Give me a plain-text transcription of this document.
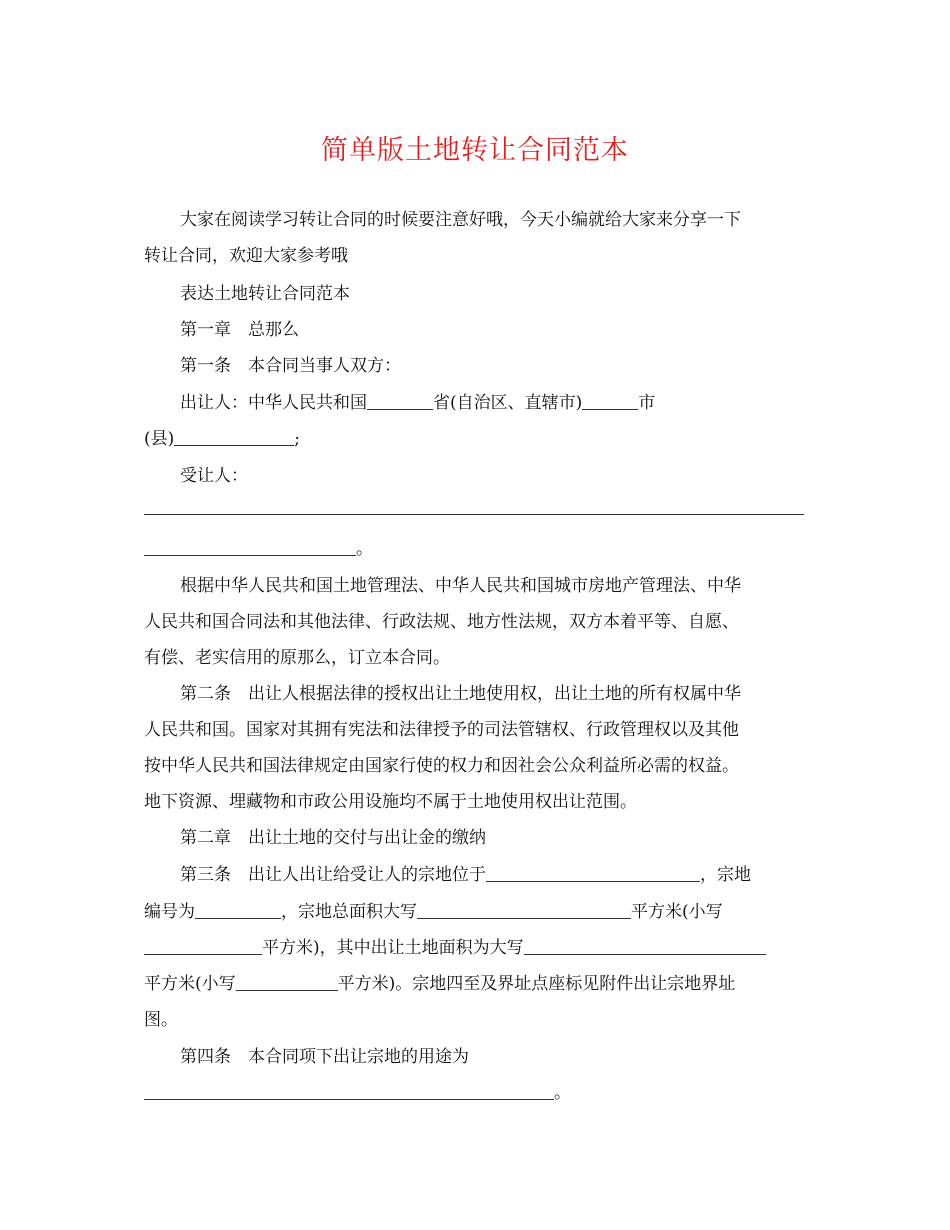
简单版土地转让合同范本
大家在阅读学习转让合同的时候要注意好哦，今天小编就给大家来分享一下
转让合同，欢迎大家参考哦
表达土地转让合同范本
第一章　总那么
第一条　本合同当事人双方：
出让人：中华人民共和国	省(自治区、直辖市)	市
(县)	;
受让人：
。
根据中华人民共和国土地管理法、中华人民共和国城市房地产管理法、中华
人民共和国合同法和其他法律、行政法规、地方性法规，双方本着平等、自愿、
有偿、老实信用的原那么，订立本合同。
第二条　出让人根据法律的授权出让土地使用权，出让土地的所有权属中华
人民共和国。国家对其拥有宪法和法律授予的司法管辖权、行政管理权以及其他
按中华人民共和国法律规定由国家行使的权力和因社会公众利益所必需的权益。
地下资源、埋藏物和市政公用设施均不属于土地使用权出让范围。
第二章　出让土地的交付与出让金的缴纳
第三条　出让人出让给受让人的宗地位于	，宗地
编号为	，宗地总面积大写	平方米(小写
平方米)，其中出让土地面积为大写
平方米(小写	平方米)。宗地四至及界址点座标见附件出让宗地界址
图。
第四条　本合同项下出让宗地的用途为
。
